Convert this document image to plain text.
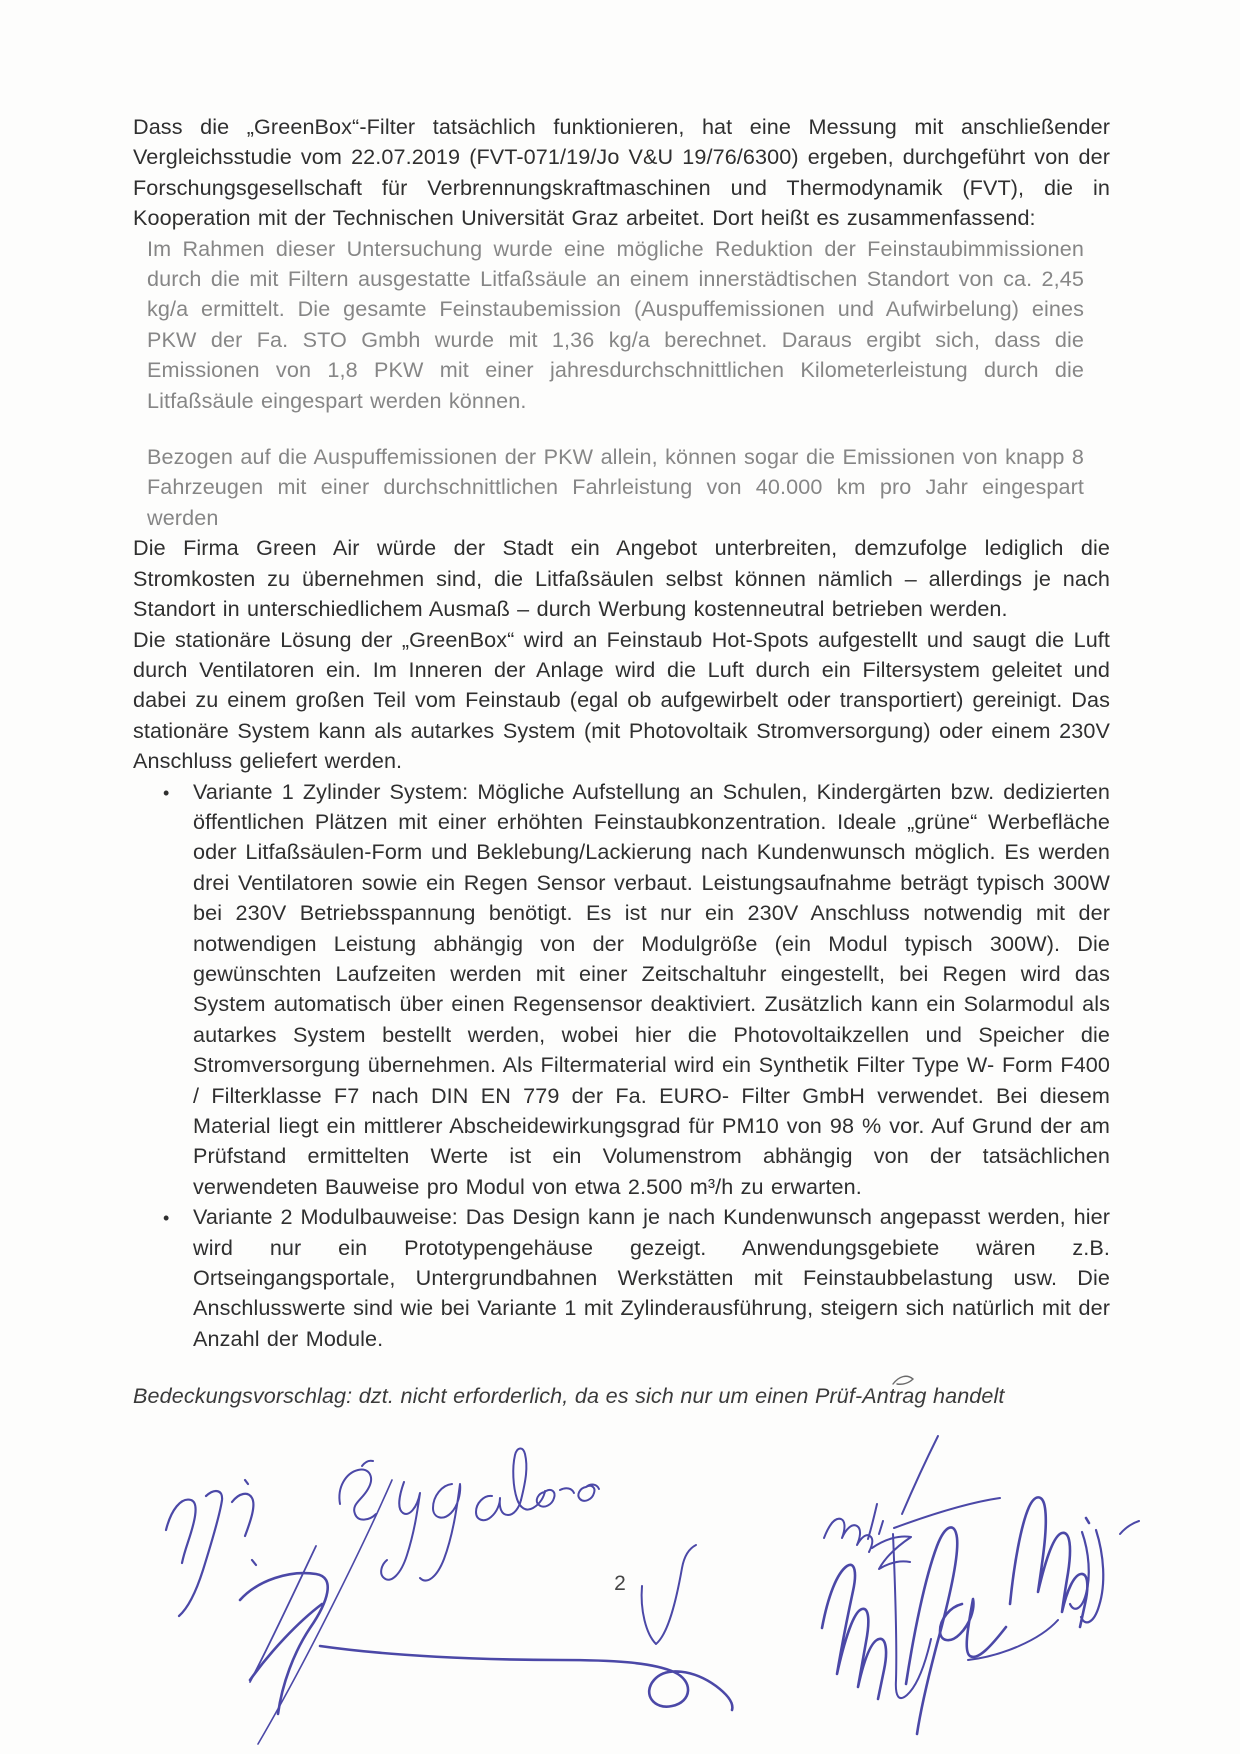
Dass die „GreenBox“-Filter tatsächlich funktionieren, hat eine Messung mit anschließender Vergleichsstudie vom 22.07.2019 (FVT-071/19/Jo V&U 19/76/6300) ergeben, durchgeführt von der Forschungsgesellschaft für Verbrennungskraftmaschinen und Thermodynamik (FVT), die in Kooperation mit der Technischen Universität Graz arbeitet. Dort heißt es zusammenfassend:

Im Rahmen dieser Untersuchung wurde eine mögliche Reduktion der Feinstaubimmissionen durch die mit Filtern ausgestatte Litfaßsäule an einem innerstädtischen Standort von ca. 2,45 kg/a ermittelt. Die gesamte Feinstaubemission (Auspuffemissionen und Aufwirbelung) eines PKW der Fa. STO Gmbh wurde mit 1,36 kg/a berechnet. Daraus ergibt sich, dass die Emissionen von 1,8 PKW mit einer jahresdurchschnittlichen Kilometerleistung durch die Litfaßsäule eingespart werden können.

Bezogen auf die Auspuffemissionen der PKW allein, können sogar die Emissionen von knapp 8 Fahrzeugen mit einer durchschnittlichen Fahrleistung von 40.000 km pro Jahr eingespart werden

Die Firma Green Air würde der Stadt ein Angebot unterbreiten, demzufolge lediglich die Stromkosten zu übernehmen sind, die Litfaßsäulen selbst können nämlich – allerdings je nach Standort in unterschiedlichem Ausmaß – durch Werbung kostenneutral betrieben werden.

Die stationäre Lösung der „GreenBox“ wird an Feinstaub Hot-Spots aufgestellt und saugt die Luft durch Ventilatoren ein. Im Inneren der Anlage wird die Luft durch ein Filtersystem geleitet und dabei zu einem großen Teil vom Feinstaub (egal ob aufgewirbelt oder transportiert) gereinigt. Das stationäre System kann als autarkes System (mit Photovoltaik Stromversorgung) oder einem 230V Anschluss geliefert werden.

• Variante 1 Zylinder System: Mögliche Aufstellung an Schulen, Kindergärten bzw. dedizierten öffentlichen Plätzen mit einer erhöhten Feinstaubkonzentration. Ideale „grüne“ Werbefläche oder Litfaßsäulen-Form und Beklebung/Lackierung nach Kundenwunsch möglich. Es werden drei Ventilatoren sowie ein Regen Sensor verbaut. Leistungsaufnahme beträgt typisch 300W bei 230V Betriebsspannung benötigt. Es ist nur ein 230V Anschluss notwendig mit der notwendigen Leistung abhängig von der Modulgröße (ein Modul typisch 300W). Die gewünschten Laufzeiten werden mit einer Zeitschaltuhr eingestellt, bei Regen wird das System automatisch über einen Regensensor deaktiviert. Zusätzlich kann ein Solarmodul als autarkes System bestellt werden, wobei hier die Photovoltaikzellen und Speicher die Stromversorgung übernehmen. Als Filtermaterial wird ein Synthetik Filter Type W- Form F400 / Filterklasse F7 nach DIN EN 779 der Fa. EURO- Filter GmbH verwendet. Bei diesem Material liegt ein mittlerer Abscheidewirkungsgrad für PM10 von 98 % vor. Auf Grund der am Prüfstand ermittelten Werte ist ein Volumenstrom abhängig von der tatsächlichen verwendeten Bauweise pro Modul von etwa 2.500 m³/h zu erwarten.
• Variante 2 Modulbauweise: Das Design kann je nach Kundenwunsch angepasst werden, hier wird nur ein Prototypengehäuse gezeigt. Anwendungsgebiete wären z.B. Ortseingangsportale, Untergrundbahnen Werkstätten mit Feinstaubbelastung usw. Die Anschlusswerte sind wie bei Variante 1 mit Zylinderausführung, steigern sich natürlich mit der Anzahl der Module.

Bedeckungsvorschlag: dzt. nicht erforderlich, da es sich nur um einen Prüf-Antrag handelt

2
